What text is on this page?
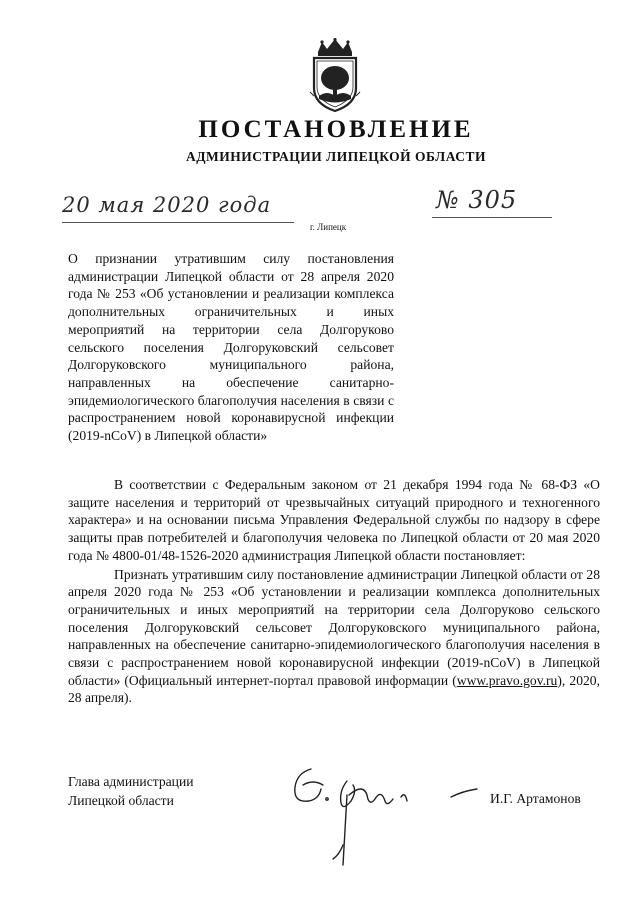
ПОСТАНОВЛЕНИЕ
АДМИНИСТРАЦИИ ЛИПЕЦКОЙ ОБЛАСТИ
20 мая 2020 года
г. Липецк
№ 305
О признании утратившим силу постановления администрации Липецкой области от 28 апреля 2020 года № 253 «Об установлении и реализации комплекса дополнительных ограничительных и иных мероприятий на территории села Долгоруково сельского поселения Долгоруковский сельсовет Долгоруковского муниципального района, направленных на обеспечение санитарно-эпидемиологического благополучия населения в связи с распространением новой коронавирусной инфекции (2019-nCoV) в Липецкой области»

В соответствии с Федеральным законом от 21 декабря 1994 года № 68-ФЗ «О защите населения и территорий от чрезвычайных ситуаций природного и техногенного характера» и на основании письма Управления Федеральной службы по надзору в сфере защиты прав потребителей и благополучия человека по Липецкой области от 20 мая 2020 года № 4800-01/48-1526-2020 администрация Липецкой области постановляет:

Признать утратившим силу постановление администрации Липецкой области от 28 апреля 2020 года № 253 «Об установлении и реализации комплекса дополнительных ограничительных и иных мероприятий на территории села Долгоруково сельского поселения Долгоруковский сельсовет Долгоруковского муниципального района, направленных на обеспечение санитарно-эпидемиологического благополучия населения в связи с распространением новой коронавирусной инфекции (2019-nCoV) в Липецкой области» (Официальный интернет-портал правовой информации (www.pravo.gov.ru), 2020, 28 апреля).

Глава администрации
Липецкой области	И.Г. Артамонов
